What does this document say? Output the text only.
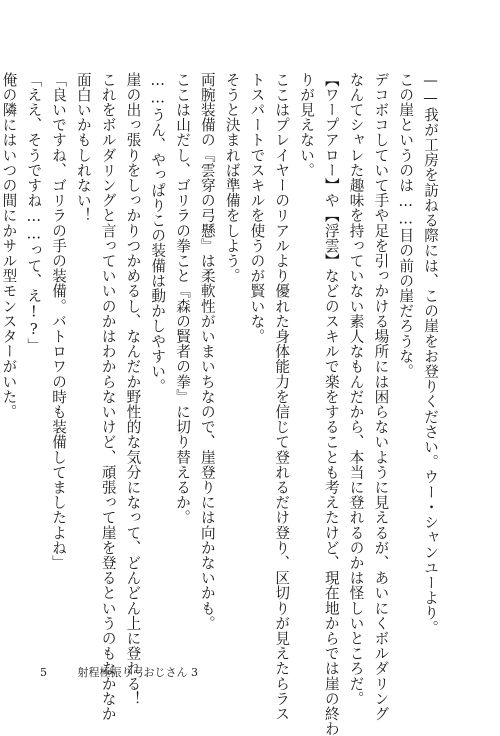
——我が工房を訪ねる際には、この崖をお登りください。ウー・シャンユーより。
この崖というのは……目の前の崖だろうな。
デコボコしていて手や足を引っかける場所には困らないように見えるが、あいにくボルダリング
なんてシャレた趣味を持っていない素人なもんだから、本当に登れるのかは怪しいところだ。
【ワープアロー】や【浮雲】などのスキルで楽をすることも考えたけど、現在地からでは崖の終わ
りが見えない。
ここはプレイヤーのリアルより優れた身体能力を信じて登れるだけ登り、区切りが見えたらラス
トスパートでスキルを使うのが賢いな。
そうと決まれば準備をしよう。
両腕装備の『雲穿の弓懸』は柔軟性がいまいちなので、崖登りには向かないかも。
ここは山だし、ゴリラの拳こと『森の賢者の拳』に切り替えるか。
……うん、やっぱりこの装備は動かしやすい。
崖の出っ張りをしっかりつかめるし、なんだか野性的な気分になって、どんどん上に登れる！
これをボルダリングと言っていいのかはわからないけど、頑張って崖を登るというのもなかなか
面白いかもしれない！
「良いですね、ゴリラの手の装備。バトロワの時も装備してましたよね」
「ええ、そうですね……って、え!?」
俺の隣にはいつの間にかサル型モンスターがいた。
5	射程極振り弓おじさん 3
